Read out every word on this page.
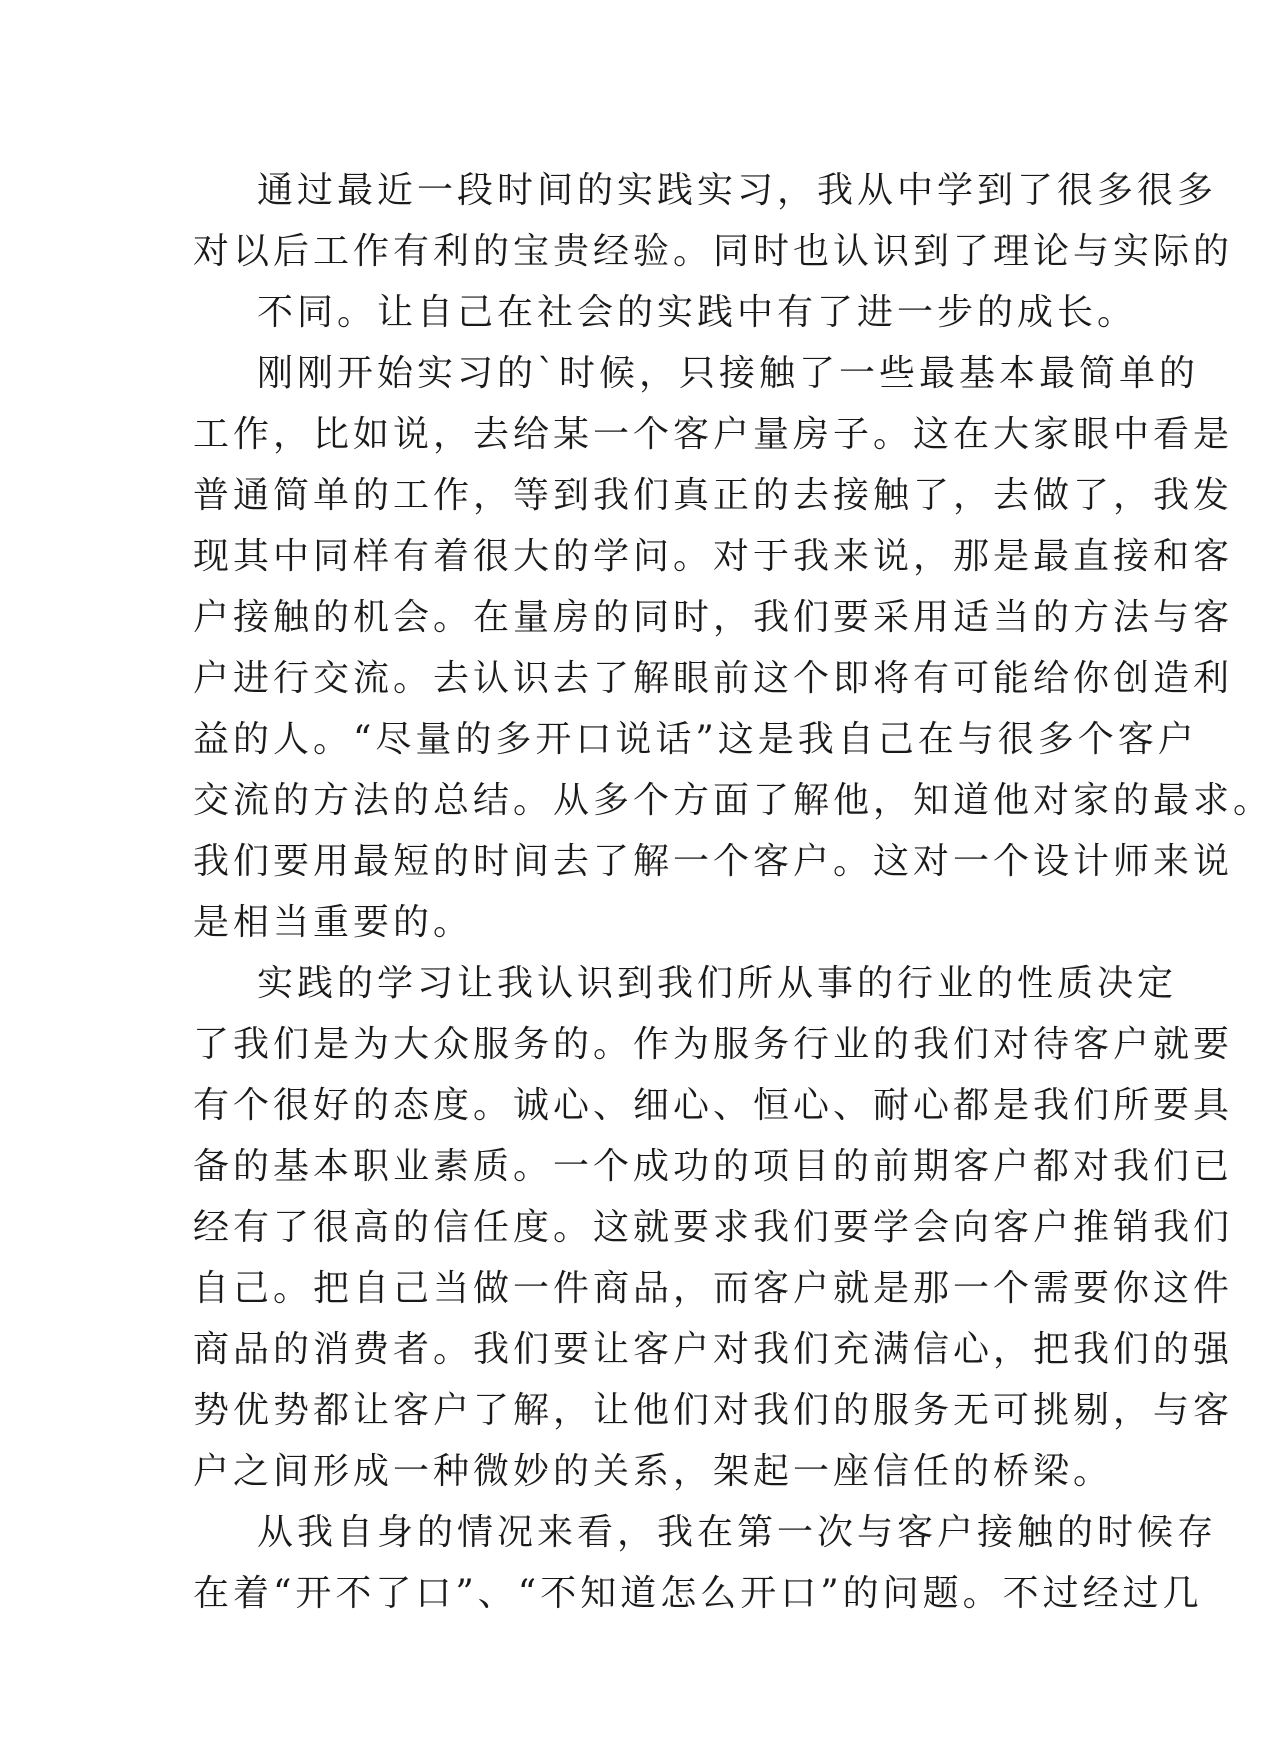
通过最近一段时间的实践实习，我从中学到了很多很多
对以后工作有利的宝贵经验。同时也认识到了理论与实际的
不同。让自己在社会的实践中有了进一步的成长。
刚刚开始实习的`时候，只接触了一些最基本最简单的
工作，比如说，去给某一个客户量房子。这在大家眼中看是
普通简单的工作，等到我们真正的去接触了，去做了，我发
现其中同样有着很大的学问。对于我来说，那是最直接和客
户接触的机会。在量房的同时，我们要采用适当的方法与客
户进行交流。去认识去了解眼前这个即将有可能给你创造利
益的人。“尽量的多开口说话”这是我自己在与很多个客户
交流的方法的总结。从多个方面了解他，知道他对家的最求。
我们要用最短的时间去了解一个客户。这对一个设计师来说
是相当重要的。
实践的学习让我认识到我们所从事的行业的性质决定
了我们是为大众服务的。作为服务行业的我们对待客户就要
有个很好的态度。诚心、细心、恒心、耐心都是我们所要具
备的基本职业素质。一个成功的项目的前期客户都对我们已
经有了很高的信任度。这就要求我们要学会向客户推销我们
自己。把自己当做一件商品，而客户就是那一个需要你这件
商品的消费者。我们要让客户对我们充满信心，把我们的强
势优势都让客户了解，让他们对我们的服务无可挑剔，与客
户之间形成一种微妙的关系，架起一座信任的桥梁。
从我自身的情况来看，我在第一次与客户接触的时候存
在着“开不了口”、“不知道怎么开口”的问题。不过经过几
